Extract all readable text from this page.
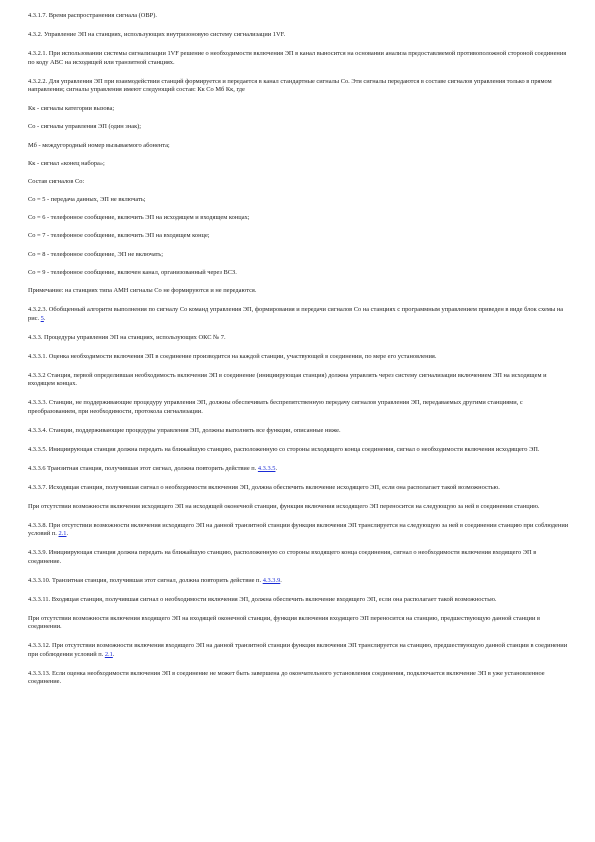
4.3.1.7. Время распространения сигнала (ОВР).

4.3.2. Управление ЭП на станциях, использующих внутризоновую систему сигнализации 1VF.

4.3.2.1. При использовании системы сигнализации 1VF решение о необходимости включения ЭП в канал выносится на основании анализа предоставляемой противоположной стороной соединения по коду АВС на исходящей или транзитной станциях.

4.3.2.2. Для управления ЭП при взаимодействии станций формируется и передается в канал стандартные сигналы Со. Эти сигналы передаются в составе сигналов управления только в прямом направлении; сигналы управления имеют следующий состав: Кк Со Мб Кк, где

Кк - сигналы категории вызова;

Со - сигналы управления ЭП (один знак);

Мб - междугородный номер вызываемого абонента;

Кк - сигнал «конец набора»;

Состав сигналов Со:

Со = 5 - передача данных, ЭП не включать;

Со = 6 - телефонное сообщение, включить ЭП на исходящем и входящем концах;

Со = 7 - телефонное сообщение, включить ЭП на входящем конце;

Со = 8 - телефонное сообщение, ЭП не включать;

Со = 9 - телефонное сообщение, включен канал, организованный через ВСЗ.

Примечание: на станциях типа АМН сигналы Со не формируются и не передаются.

4.3.2.3. Обобщенный алгоритм выполнения по сигналу Со команд управления ЭП, формирования и передачи сигналов Со на станциях с программным управлением приведен в виде блок схемы на рис. 5.

4.3.3. Процедуры управления ЭП на станциях, использующих ОКС № 7.

4.3.3.1. Оценка необходимости включения ЭП в соединение производится на каждой станции, участвующей в соединении, по мере его установления.

4.3.3.2 Станция, первой определившая необходимость включения ЭП в соединение (инициирующая станция) должна управлять через систему сигнализации включением ЭП на исходящем и входящем концах.

4.3.3.3. Станции, не поддерживающие процедуру управления ЭП, должны обеспечивать беспрепятственную передачу сигналов управления ЭП, передаваемых другими станциями, с преобразованием, при необходимости, протокола сигнализации.

4.3.3.4. Станции, поддерживающие процедуры управления ЭП, должны выполнять все функции, описанные ниже.

4.3.3.5. Инициирующая станция должна передать на ближайшую станцию, расположенную со стороны исходящего конца соединения, сигнал о необходимости включения исходящего ЭП.

4.3.3.6 Транзитная станция, получившая этот сигнал, должна повторить действие п. 4.3.3.5.

4.3.3.7. Исходящая станция, получившая сигнал о необходимости включения ЭП, должна обеспечить включение исходящего ЭП, если она располагает такой возможностью.

При отсутствии возможности включения исходящего ЭП на исходящей оконечной станции, функция включения исходящего ЭП переносится на следующую за ней в соединении станцию.

4.3.3.8. При отсутствии возможности включения исходящего ЭП на данной транзитной станции функция включения ЭП транслируется на следующую за ней в соединении станцию при соблюдении условий п. 2.1.

4.3.3.9. Инициирующая станция должна передать на ближайшую станцию, расположенную со стороны входящего конца соединения, сигнал о необходимости включения входящего ЭП в соединение.

4.3.3.10. Транзитная станция, получившая этот сигнал, должна повторить действие п. 4.3.3.9.

4.3.3.11. Входящая станция, получившая сигнал о необходимости включения ЭП, должна обеспечить включение входящего ЭП, если она располагает такой возможностью.

При отсутствии возможности включения входящего ЭП на входящей оконечной станции, функция включения входящего ЭП переносится на станцию, предшествующую данной станции в соединении.

4.3.3.12. При отсутствии возможности включения входящего ЭП на данной транзитной станции функция включения ЭП транслируется на станцию, предшествующую данной станции в соединении при соблюдении условий п. 2.1.

4.3.3.13. Если оценка необходимости включения ЭП в соединение не может быть завершена до окончательного установления соединения, подключается включение ЭП в уже установленное соединение.
